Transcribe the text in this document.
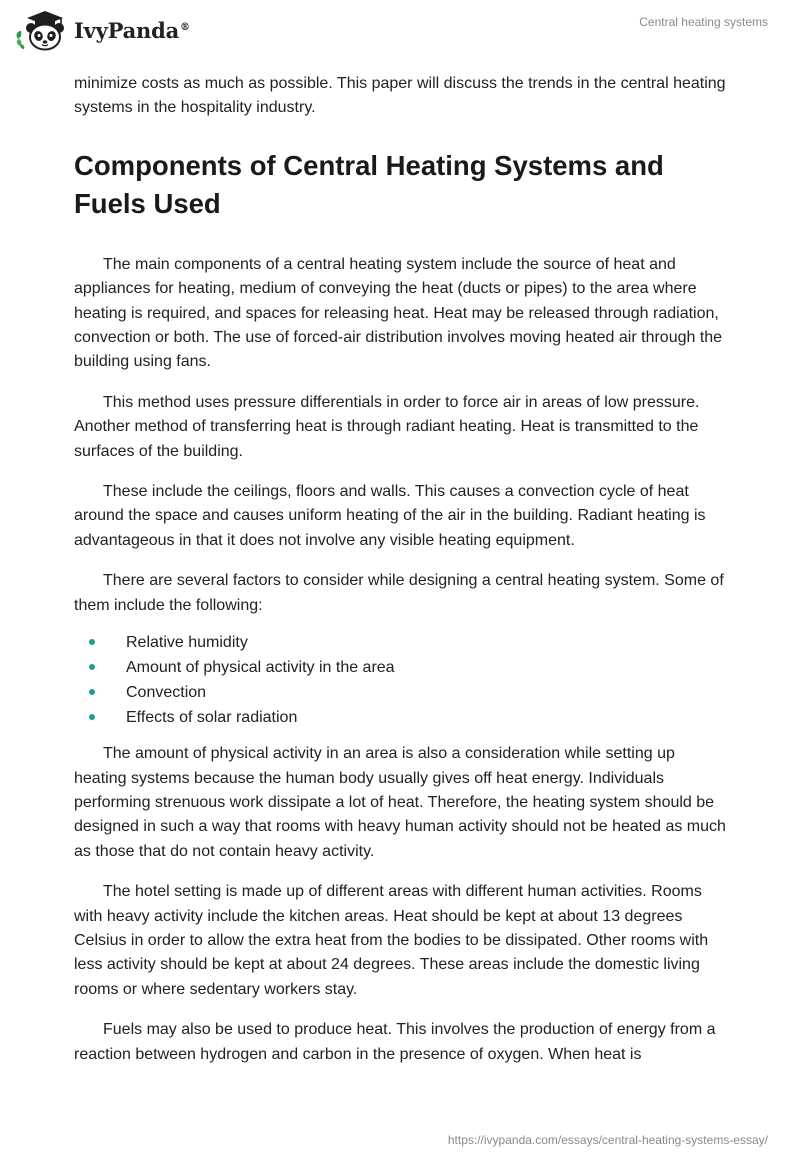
IvyPanda®	Central heating systems

minimize costs as much as possible. This paper will discuss the trends in the central heating systems in the hospitality industry.

Components of Central Heating Systems and Fuels Used

The main components of a central heating system include the source of heat and appliances for heating, medium of conveying the heat (ducts or pipes) to the area where heating is required, and spaces for releasing heat. Heat may be released through radiation, convection or both. The use of forced-air distribution involves moving heated air through the building using fans.

This method uses pressure differentials in order to force air in areas of low pressure. Another method of transferring heat is through radiant heating. Heat is transmitted to the surfaces of the building.

These include the ceilings, floors and walls. This causes a convection cycle of heat around the space and causes uniform heating of the air in the building. Radiant heating is advantageous in that it does not involve any visible heating equipment.

There are several factors to consider while designing a central heating system. Some of them include the following:

Relative humidity
Amount of physical activity in the area
Convection
Effects of solar radiation

The amount of physical activity in an area is also a consideration while setting up heating systems because the human body usually gives off heat energy. Individuals performing strenuous work dissipate a lot of heat. Therefore, the heating system should be designed in such a way that rooms with heavy human activity should not be heated as much as those that do not contain heavy activity.

The hotel setting is made up of different areas with different human activities. Rooms with heavy activity include the kitchen areas. Heat should be kept at about 13 degrees Celsius in order to allow the extra heat from the bodies to be dissipated. Other rooms with less activity should be kept at about 24 degrees. These areas include the domestic living rooms or where sedentary workers stay.

Fuels may also be used to produce heat. This involves the production of energy from a reaction between hydrogen and carbon in the presence of oxygen. When heat is

https://ivypanda.com/essays/central-heating-systems-essay/
